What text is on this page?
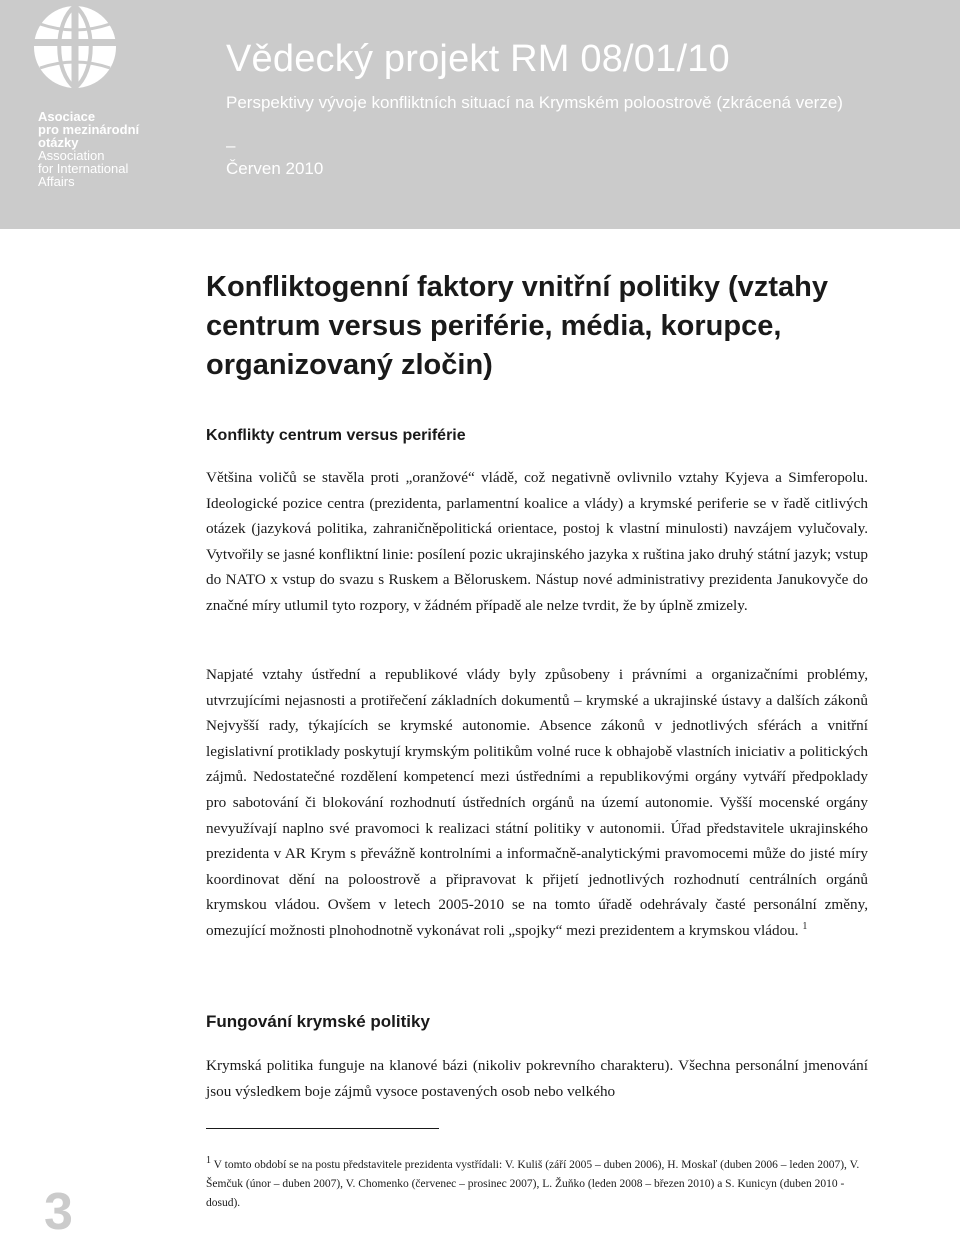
Asociace
pro mezinárodní
otázky
Association
for International
Affairs
Vědecký projekt RM 08/01/10
Perspektivy vývoje konfliktních situací na Krymském poloostrově (zkrácená verze)
–
Červen 2010
Konfliktogenní faktory vnitřní politiky (vztahy centrum versus periférie, média, korupce, organizovaný zločin)
Konflikty centrum versus periférie

Většina voličů se stavěla proti „oranžové“ vládě, což negativně ovlivnilo vztahy Kyjeva a Simferopolu. Ideologické pozice centra (prezidenta, parlamentní koalice a vlády) a krymské periferie se v řadě citlivých otázek (jazyková politika, zahraničněpolitická orientace, postoj k vlastní minulosti) navzájem vylučovaly. Vytvořily se jasné konfliktní linie: posílení pozic ukrajinského jazyka x ruština jako druhý státní jazyk; vstup do NATO x vstup do svazu s Ruskem a Běloruskem. Nástup nové administrativy prezidenta Janukovyče do značné míry utlumil tyto rozpory, v žádném případě ale nelze tvrdit, že by úplně zmizely.

Napjaté vztahy ústřední a republikové vlády byly způsobeny i právními a organizačními problémy, utvrzujícími nejasnosti a protiřečení základních dokumentů – krymské a ukrajinské ústavy a dalších zákonů Nejvyšší rady, týkajících se krymské autonomie. Absence zákonů v jednotlivých sférách a vnitřní legislativní protiklady poskytují krymským politikům volné ruce k obhajobě vlastních iniciativ a politických zájmů. Nedostatečné rozdělení kompetencí mezi ústředními a republikovými orgány vytváří předpoklady pro sabotování či blokování rozhodnutí ústředních orgánů na území autonomie. Vyšší mocenské orgány nevyužívají naplno své pravomoci k realizaci státní politiky v autonomii. Úřad představitele ukrajinského prezidenta v AR Krym s převážně kontrolními a informačně-analytickými pravomocemi může do jisté míry koordinovat dění na poloostrově a připravovat k přijetí jednotlivých rozhodnutí centrálních orgánů krymskou vládou. Ovšem v letech 2005-2010 se na tomto úřadě odehrávaly časté personální změny, omezující možnosti plnohodnotně vykonávat roli „spojky“ mezi prezidentem a krymskou vládou. $^1$

Fungování krymské politiky

Krymská politika funguje na klanové bázi (nikoliv pokrevního charakteru). Všechna personální jmenování jsou výsledkem boje zájmů vysoce postavených osob nebo velkého

$^1$ V tomto období se na postu představitele prezidenta vystřídali: V. Kuliš (září 2005 – duben 2006), H. Moskaľ (duben 2006 – leden 2007), V. Šemčuk (únor – duben 2007), V. Chomenko (červenec – prosinec 2007), L. Žuňko (leden 2008 – březen 2010) a S. Kunicyn (duben 2010 - dosud).
3
